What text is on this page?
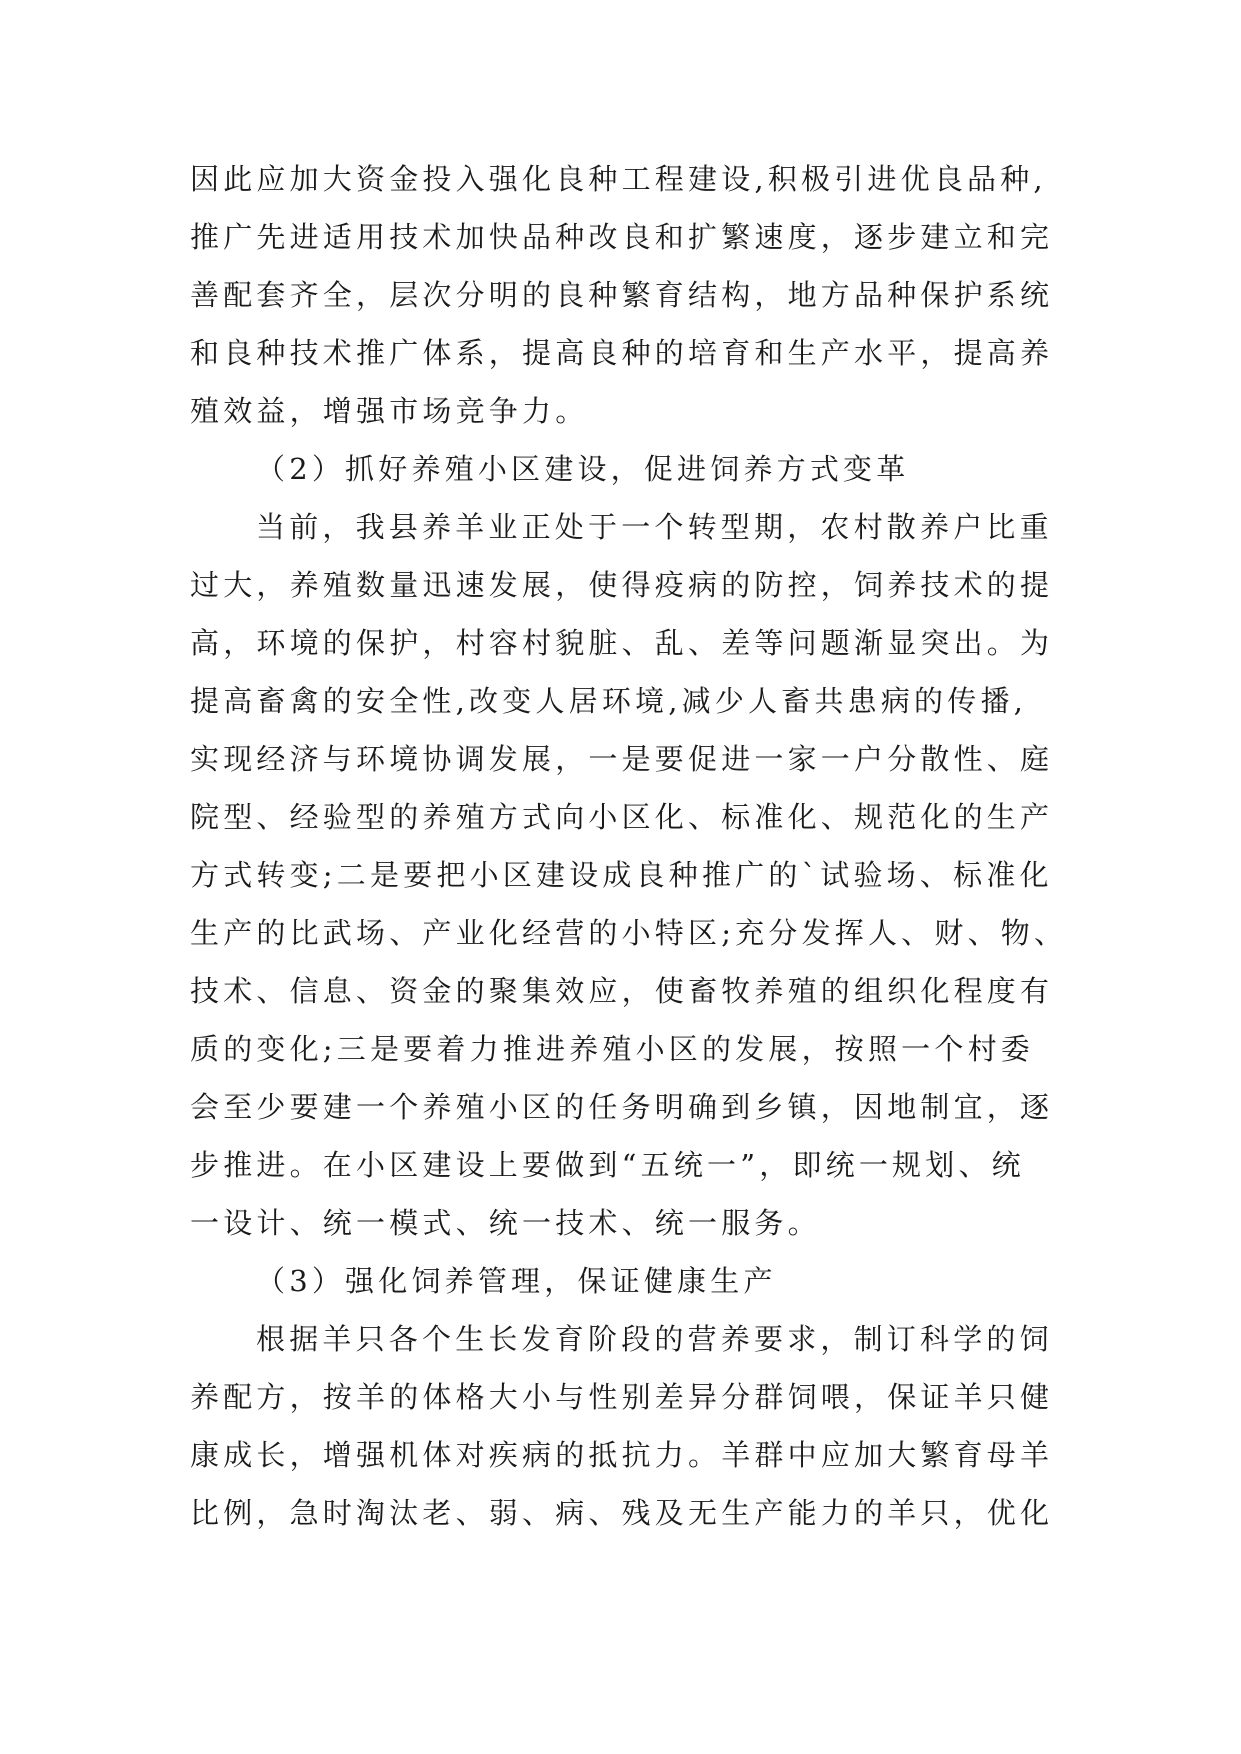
因此应加大资金投入强化良种工程建设,积极引进优良品种,
推广先进适用技术加快品种改良和扩繁速度，逐步建立和完
善配套齐全，层次分明的良种繁育结构，地方品种保护系统
和良种技术推广体系，提高良种的培育和生产水平，提高养
殖效益，增强市场竞争力。
（2）抓好养殖小区建设，促进饲养方式变革
当前，我县养羊业正处于一个转型期，农村散养户比重
过大，养殖数量迅速发展，使得疫病的防控，饲养技术的提
高，环境的保护，村容村貌脏、乱、差等问题渐显突出。为
提高畜禽的安全性,改变人居环境,减少人畜共患病的传播,
实现经济与环境协调发展，一是要促进一家一户分散性、庭
院型、经验型的养殖方式向小区化、标准化、规范化的生产
方式转变;二是要把小区建设成良种推广的`试验场、标准化
生产的比武场、产业化经营的小特区;充分发挥人、财、物、
技术、信息、资金的聚集效应，使畜牧养殖的组织化程度有
质的变化;三是要着力推进养殖小区的发展，按照一个村委
会至少要建一个养殖小区的任务明确到乡镇，因地制宜，逐
步推进。在小区建设上要做到“五统一”，即统一规划、统
一设计、统一模式、统一技术、统一服务。
（3）强化饲养管理，保证健康生产
根据羊只各个生长发育阶段的营养要求，制订科学的饲
养配方，按羊的体格大小与性别差异分群饲喂，保证羊只健
康成长，增强机体对疾病的抵抗力。羊群中应加大繁育母羊
比例，急时淘汰老、弱、病、残及无生产能力的羊只，优化
